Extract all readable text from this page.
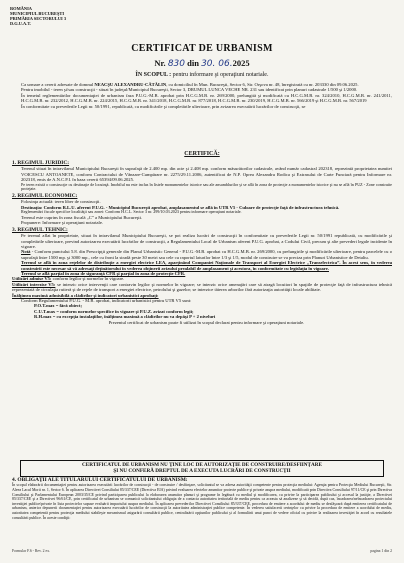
ROMÂNIA
MUNICIPIUL BUCUREŞTI
PRIMĂRIA SECTORULUI 3
D.G.U.A.T.
CERTIFICAT DE URBANISM
Nr. 830 din 30. 06.2025
ÎN SCOPUL : pentru informare şi operaţiuni notariale.
Ca urmare a cererii adresate de domnul NEACŞU ALEXANDRU-CĂTĂLIN, cu domiciliul în Mun. Bucureşti, Sector 6, Str. Orşova nr. 48, înregistrată cu nr. 203330 din 09.06.2025.
Pentru imobilul - teren şi/sau construcţii - situat în judeţul/Municipiul Bucureşti, Sector 3, DRUMUL LUNCA VECHE NR. 231 sau identificat prin planuri cadastrale 1/500 şi 1/2000.
În temeiul reglementărilor documentaţiei de urbanism faza P.U.G.-M.B. aprobat prin H.C.G.M.B. nr. 269/2000, prelungită şi modificată cu H.C.G.M.B. nr. 324/2010, H.C.G.M.B. nr. 241/2011, H.C.G.M.B. nr. 232/2012, H.C.G.M.B. nr. 224/2015, H.C.G.M.B. nr. 341/2018, H.C.G.M.B. nr. 877/2018, H.C.G.M.B. nr. 230/2019, H.C.G.M.B. nr. 566/2019 şi H.C.G.M.B. nr. 567/2019
În conformitate cu prevederile Legii nr. 50/1991, republicată, cu modificările şi completările ulterioare, prin avizarea executării lucrărilor de construcţii, se
CERTIFICĂ:
1. REGIMUL JURIDIC:
Terenul situat în intravilanul Municipiului Bucureşti în suprafaţă de 2.400 mp. din acte şi 2.408 mp. conform măsurătorilor cadastrale, având număr cadastral 202318, reprezintă proprietatea numitei VOICESCU ANTOANETE, conform Contractului de Vânzare-Cumpărare nr. 2275/29.11.2006, autentificat de N.P. Oprea Alexandru Rodica şi Extrasului de Carte Funciară pentru Informare nr. 202318, emis de A.N.C.P.I. în baza cererii 65394/09.06.2025.
Pe teren există o construcţie cu destinaţie de locuinţă. Imobilul nu este inclus în listele monumentelor istorice sau ale ansamblurilor şi se află în zona de protecţie a monumentelor istorice şi nu se află în PUZ - Zone construite protejate.
2. REGIMUL ECONOMIC:
Folosinţa actuală: teren liber de construcţii.
Destinaţia: Conform R.L.U. aferent P.U.G. - Municipiul Bucureşti aprobat, amplasamentul se află în UTR V5 - Culoare de protecţie faţă de infrastructura tehnică.
Reglementări fiscale specifice localităţii sau zonei: Conform H.C.L. Sector 3 nr. 299/10.03.2023 pentru informare operaţiuni notariale.
Terenul este cuprins în zona fiscală „C” a Municipiului Bucureşti.
Propunere: Informare şi operaţiuni notariale.
3. REGIMUL TEHNIC:
Pe terenul aflat în proprietate, situat în intravilanul Municipiului Bucureşti, se pot realiza lucrări de construcţii în conformitate cu prevederile Legii nr. 50/1991 republicată, cu modificările şi completările ulterioare, prevind autorizarea executării lucrărilor de construcţii, a Regulamentului Local de Urbanism aferent P.U.G. aprobat, a Codului Civil, precum şi alte prevederi legale incidente în vigoare.
Notă - Conform punctului 5.8. din Prescripţii generale din Planul Urbanistic General - P.U.G.-M.B. aprobat cu H.C.G.M.B. nr. 269/2000, cu prelungirile şi modificările ulterioare, pentru parcelele cu o suprafaţă între 1500 mp. şi 3000 mp., cele cu front la stradă peste 30 metri sau cele cu raportul laturilor între 1/3 şi 1/5, modul de construire se va preciza prin Planuri Urbanistice de Detaliu.
Terenul se află în zona reţelelor de distribuţie a energiei electrice LEA, aparţinând Companiei Naţionale de Transport al Energiei Electrice „Transelectrica”. În acest sens, în vederea construirii este necesar să vă adresaţi deţinătorului în vederea obţinerii avizului prealabil de amplasament şi acestora, în conformitate cu legislaţia în vigoare.
Terenul se află parţial în zona de siguranţă CFR şi parţial în zona de protecţie CFR.
Utilizări admise V5: conform legilor şi normelor în vigoare.
Utilizări interzise V5: se interzic orice intervenţii care contravin legilor şi normelor în vigoare; se interzic orice amenajări care să atragă locuitori în spaţiile de protecţie faţă de infrastructura tehnică reprezentată de circulaţia rutieră şi de reţele de transport a energiei electrice, petrolului şi gazelor; se interzice tăierea arborilor fără autorizaţia autorităţii locale abilitate.
Înălţimea maximă admisibilă a clădirilor şi indicatori urbanistici aprobaţi:
Conform Regulamentului P.U.G. - M.B. aprobat, indicatorii urbanistici pentru UTR V5 sunt:
P.O.T.max = fără obiect;
C.U.T.max = conform normelor specifice în vigoare şi P.U.Z. avizat conform legii;
R.H.max = cu excepţia instalaţiilor, înălţimea maximă a clădirilor nu va depăşi P + 2 niveluri
Prezentul certificat de urbanism poate fi utilizat în scopul declarat pentru informare şi operaţiuni notariale.
CERTIFICATUL DE URBANISM NU ŢINE LOC DE AUTORIZAŢIE DE CONSTRUIRE/DESFIINŢARE
ŞI NU CONFERĂ DREPTUL DE A EXECUTA LUCRĂRI DE CONSTRUCŢII
4. OBLIGAŢII ALE TITULARULUI CERTIFICATULUI DE URBANISM:
În scopul elaborării documentaţiei pentru autorizarea executării lucrărilor de construcţii - de construire / desfiinţare, solicitantul se va adresa autorităţii competente pentru protecţia mediului: Agenţia pentru Protecţia Mediului Bucureşti, Str. Aleea Lacul Morii nr. 1, Sector 6. În aplicarea Directivei Consiliului 85/337/CEE (Directiva EIA) privind evaluarea efectelor anumitor proiecte publice şi private asupra mediului, modificată prin Directiva Consiliului 97/11/CE şi prin Directiva Consiliului şi Parlamentului European 2003/35/CE privind participarea publicului la elaborarea anumitor planuri şi programe în legătură cu mediul şi modificarea, cu privire la participarea publicului şi accesul la justiţie, a Directivei 85/337/CEE şi a Directivei 96/61/CE, prin certificatul de urbanism se comunică solicitantului obligaţia de a contacta autoritatea teritorială de mediu pentru ca aceasta să analizeze şi să decidă, după caz, încadrarea/neîncadrarea proiectului investiţiei publice/private în lista proiectelor supuse evaluării impactului asupra mediului. În aplicarea prevederilor Directivei Consiliului 85/337/CEE, procedura de emitere a acordului de mediu se desfăşoară după emiterea certificatului de urbanism, anterior depunerii documentaţiei pentru autorizarea executării lucrărilor de construcţii la autoritatea administraţiei publice competente. În vederea satisfacerii cerinţelor cu privire la procedura de emitere a acordului de mediu, autoritatea competentă pentru protecţia mediului stabileşte mecanismul asigurării consultării publice, centralizării opţiunilor publicului şi al formulării unui punct de vedere oficial cu privire la realizarea investiţiei în acord cu rezultatele consultării publice. În aceste condiţii:
Formular F.6 - Rev. 2 ex.	pagina 1 din 2
